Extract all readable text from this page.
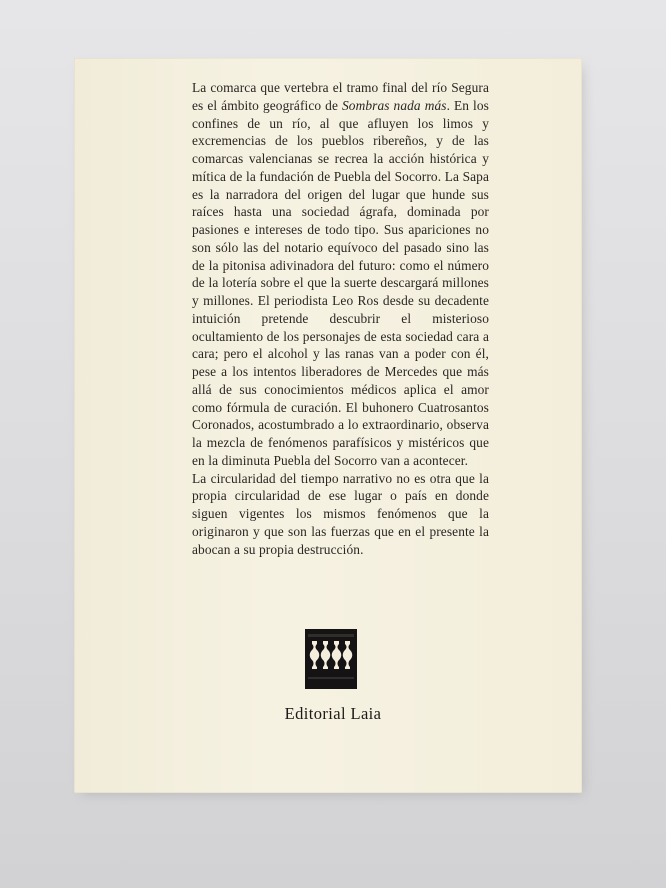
La comarca que vertebra el tramo final del río Segura es el ámbito geográfico de Sombras nada más. En los confines de un río, al que afluyen los limos y excremencias de los pueblos ribereños, y de las comarcas valencianas se recrea la acción histórica y mítica de la fundación de Puebla del Socorro. La Sapa es la narradora del origen del lugar que hunde sus raíces hasta una sociedad ágrafa, dominada por pasiones e intereses de todo tipo. Sus apariciones no son sólo las del notario equívoco del pasado sino las de la pitonisa adivinadora del futuro: como el número de la lotería sobre el que la suerte descargará millones y millones. El periodista Leo Ros desde su decadente intuición pretende descubrir el misterioso ocultamiento de los personajes de esta sociedad cara a cara; pero el alcohol y las ranas van a poder con él, pese a los intentos liberadores de Mercedes que más allá de sus conocimientos médicos aplica el amor como fórmula de curación. El buhonero Cuatrosantos Coronados, acostumbrado a lo extraordinario, observa la mezcla de fenómenos parafísicos y mistéricos que en la diminuta Puebla del Socorro van a acontecer.

La circularidad del tiempo narrativo no es otra que la propia circularidad de ese lugar o país en donde siguen vigentes los mismos fenómenos que la originaron y que son las fuerzas que en el presente la abocan a su propia destrucción.

Editorial Laia
